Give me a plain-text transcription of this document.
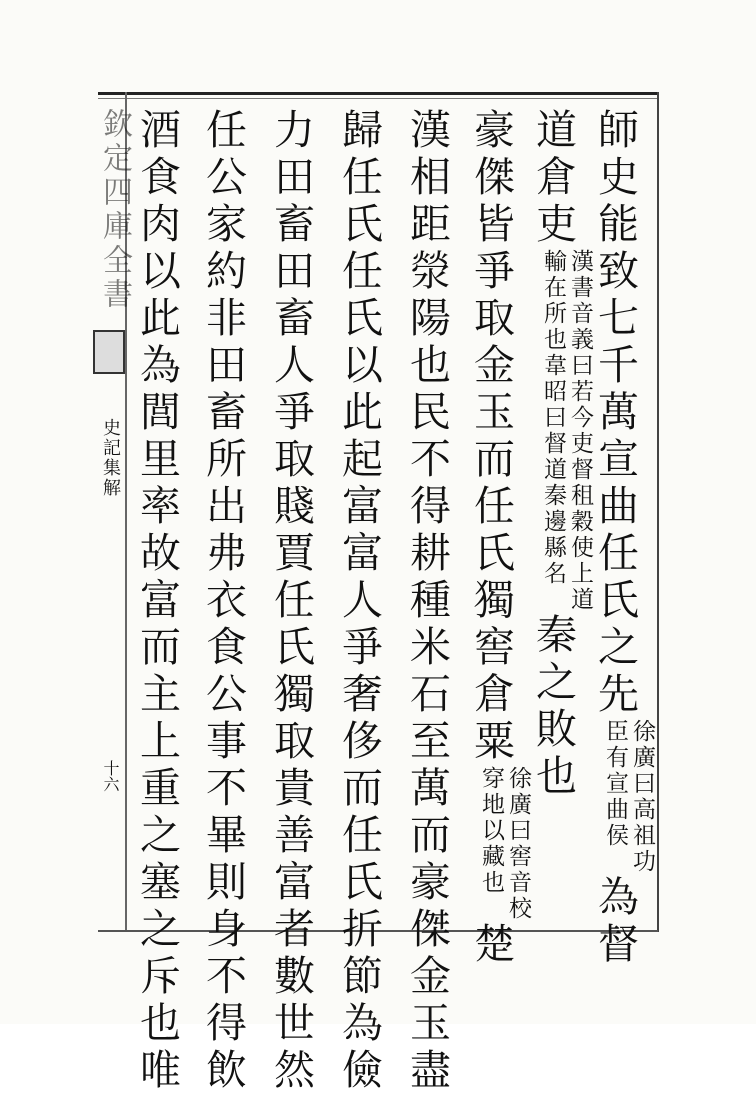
欽定四庫全書
史記集解
十六
師史能致七千萬宣曲任氏之先
徐廣曰高祖功
臣有宣曲侯
為督
道倉吏
漢書音義曰若今吏督租穀使上道
輸在所也韋昭曰督道秦邊縣名
秦之敗也
豪傑皆爭取金玉而任氏獨窖倉粟
徐廣曰窖音校
穿地以藏也
楚
漢相距滎陽也民不得耕種米石至萬而豪傑金玉盡
歸任氏任氏以此起富富人爭奢侈而任氏折節為儉
力田畜田畜人爭取賤賈任氏獨取貴善富者數世然
任公家約非田畜所出弗衣食公事不畢則身不得飲
酒食肉以此為閭里率故富而主上重之塞之斥也唯
